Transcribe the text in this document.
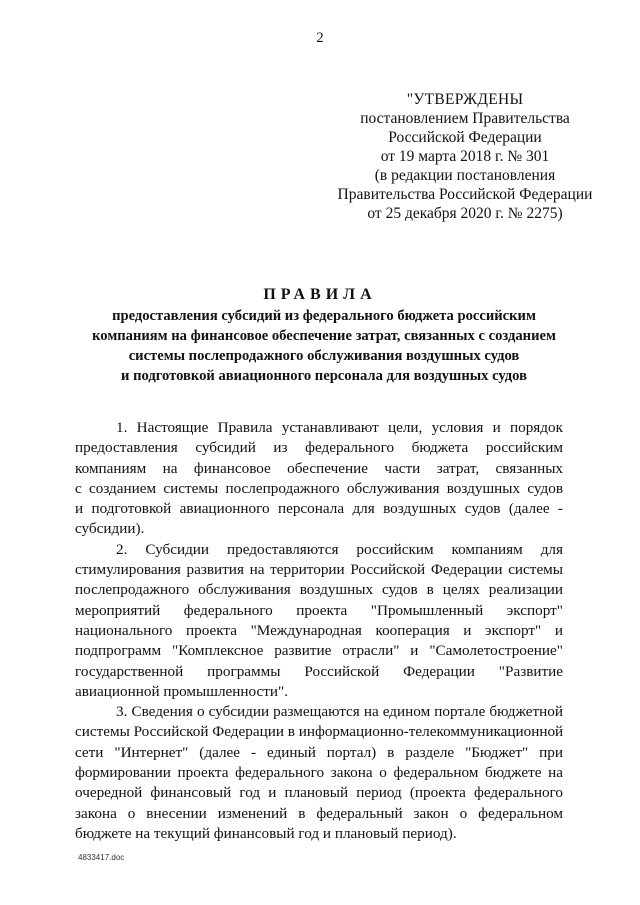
2
"УТВЕРЖДЕНЫ
постановлением Правительства
Российской Федерации
от 19 марта 2018 г. № 301
(в редакции постановления
Правительства Российской Федерации
от 25 декабря 2020 г. № 2275)
ПРАВИЛА
предоставления субсидий из федерального бюджета российским
компаниям на финансовое обеспечение затрат, связанных с созданием
системы послепродажного обслуживания воздушных судов
и подготовкой авиационного персонала для воздушных судов
1. Настоящие Правила устанавливают цели, условия и порядок
предоставления субсидий из федерального бюджета российским
компаниям на финансовое обеспечение части затрат, связанных
с созданием системы послепродажного обслуживания воздушных судов
и подготовкой авиационного персонала для воздушных судов (далее -
субсидии).
2. Субсидии предоставляются российским компаниям для
стимулирования развития на территории Российской Федерации системы
послепродажного обслуживания воздушных судов в целях реализации
мероприятий федерального проекта "Промышленный экспорт"
национального проекта "Международная кооперация и экспорт" и
подпрограмм "Комплексное развитие отрасли" и "Самолетостроение"
государственной программы Российской Федерации "Развитие
авиационной промышленности".
3. Сведения о субсидии размещаются на едином портале бюджетной
системы Российской Федерации в информационно-телекоммуникационной
сети "Интернет" (далее - единый портал) в разделе "Бюджет" при
формировании проекта федерального закона о федеральном бюджете на
очередной финансовый год и плановый период (проекта федерального
закона о внесении изменений в федеральный закон о федеральном
бюджете на текущий финансовый год и плановый период).
4833417.doc
